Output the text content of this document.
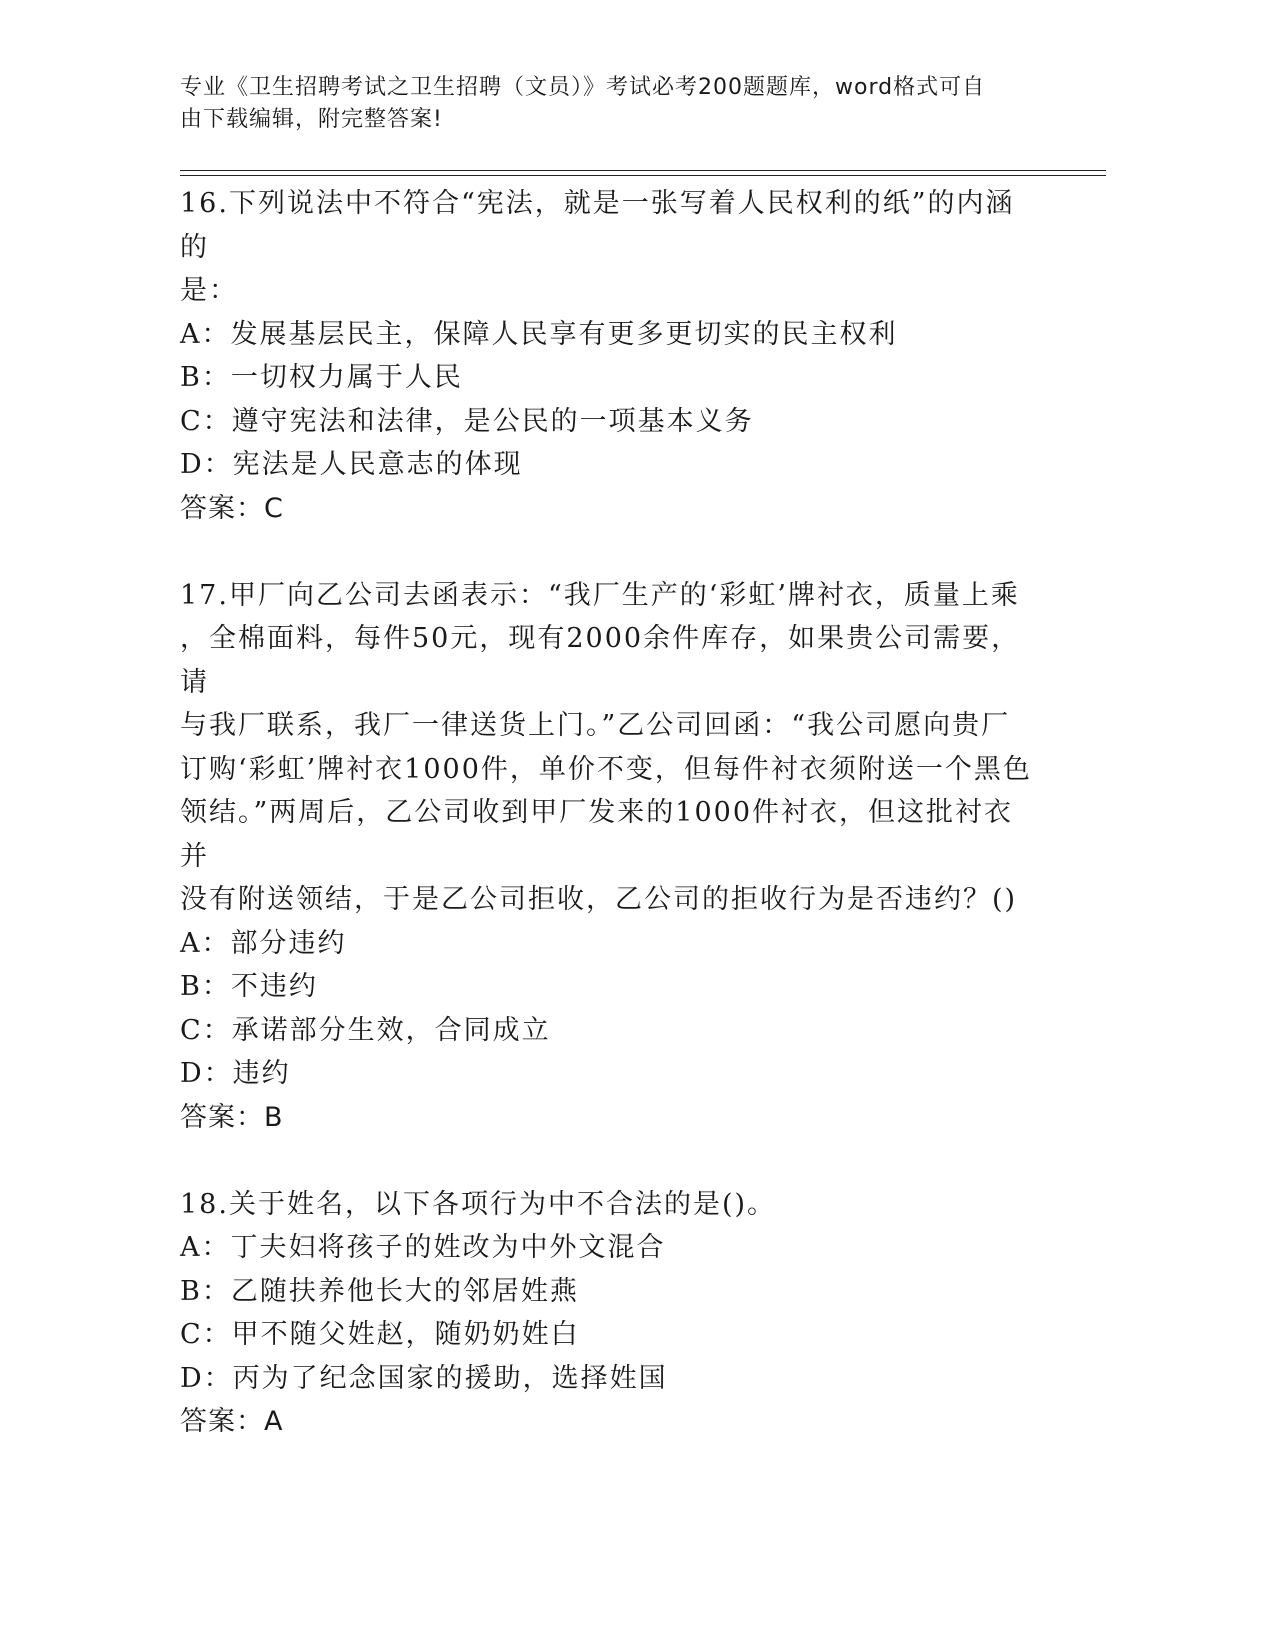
专业《卫生招聘考试之卫生招聘（文员）》考试必考200题题库，word格式可自
由下载编辑，附完整答案!
16.下列说法中不符合“宪法，就是一张写着人民权利的纸”的内涵的
是：
A：发展基层民主，保障人民享有更多更切实的民主权利
B：一切权力属于人民
C：遵守宪法和法律，是公民的一项基本义务
D：宪法是人民意志的体现
答案：C
17.甲厂向乙公司去函表示：“我厂生产的‘彩虹’牌衬衣，质量上乘
，全棉面料，每件50元，现有2000余件库存，如果贵公司需要，请
与我厂联系，我厂一律送货上门。”乙公司回函：“我公司愿向贵厂
订购‘彩虹’牌衬衣1000件，单价不变，但每件衬衣须附送一个黑色
领结。”两周后，乙公司收到甲厂发来的1000件衬衣，但这批衬衣并
没有附送领结，于是乙公司拒收，乙公司的拒收行为是否违约？()
A：部分违约
B：不违约
C：承诺部分生效，合同成立
D：违约
答案：B
18.关于姓名，以下各项行为中不合法的是()。
A：丁夫妇将孩子的姓改为中外文混合
B：乙随扶养他长大的邻居姓燕
C：甲不随父姓赵，随奶奶姓白
D：丙为了纪念国家的援助，选择姓国
答案：A
